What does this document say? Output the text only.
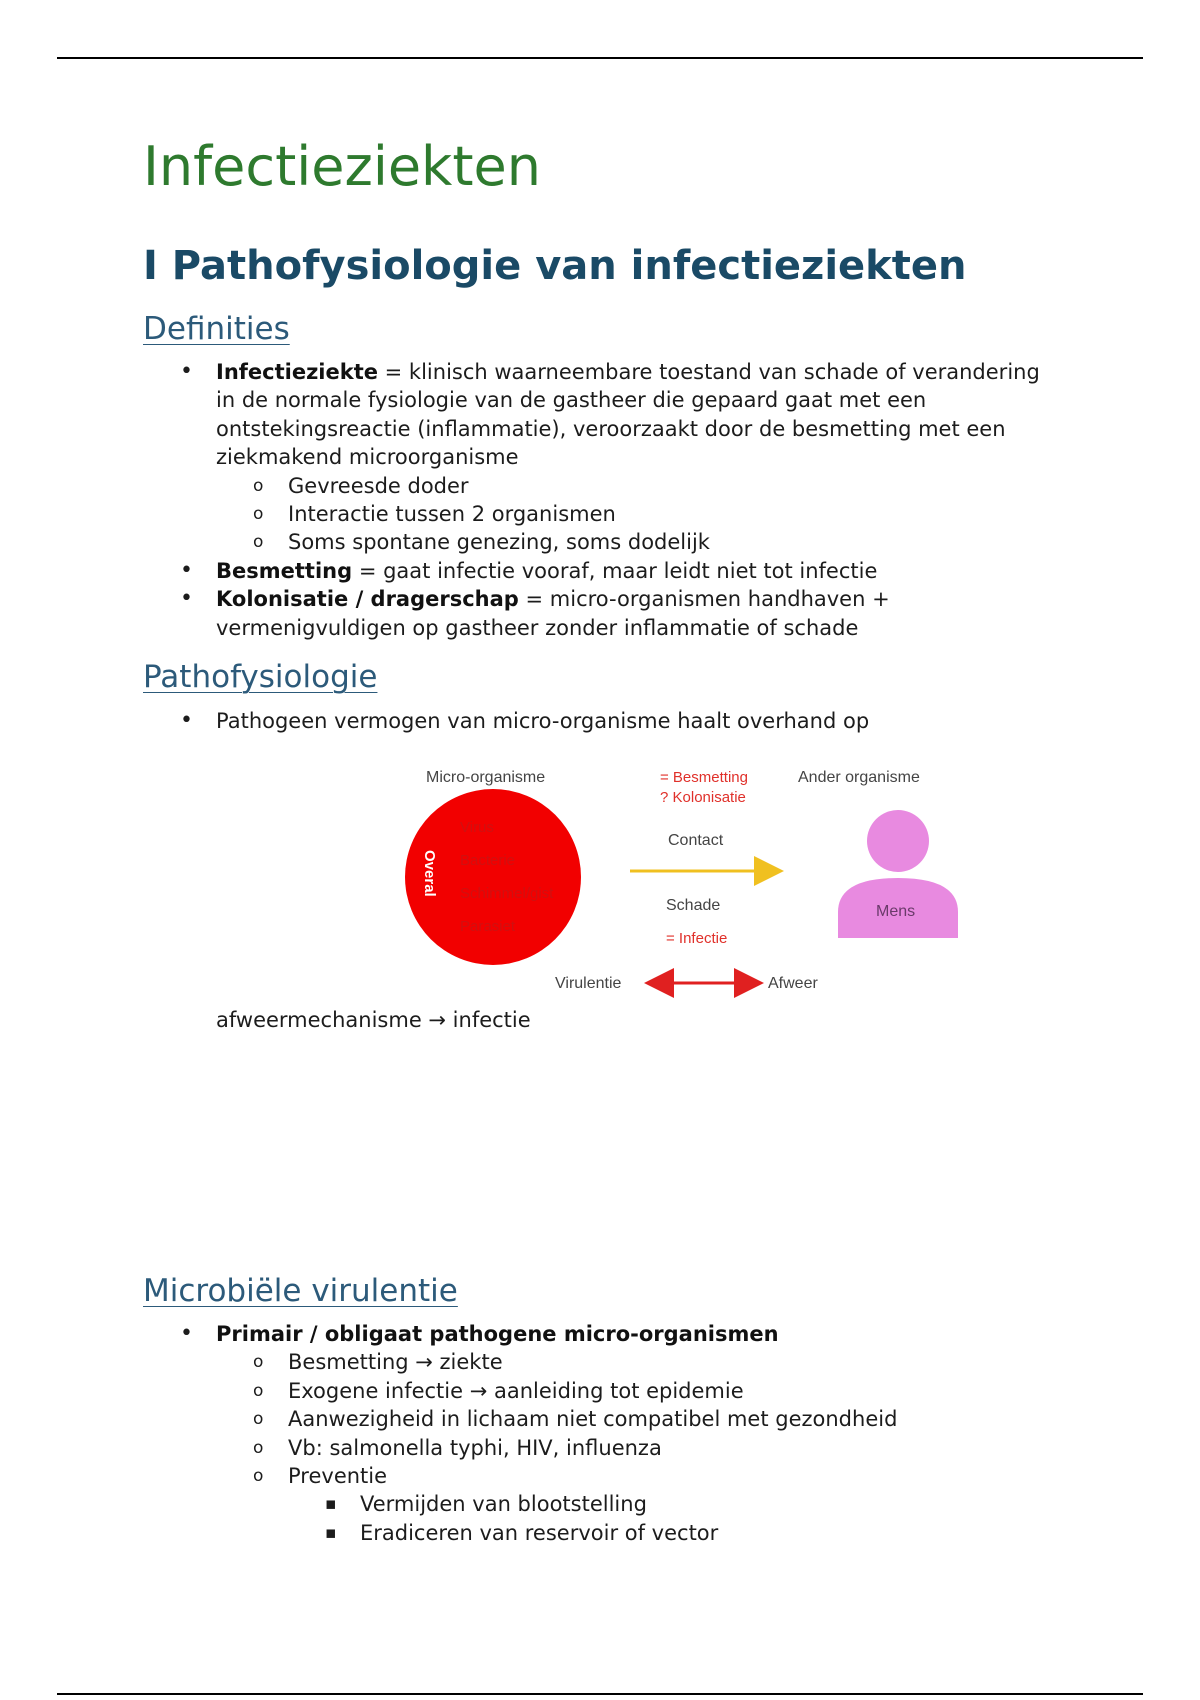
Infectieziekten
I Pathofysiologie van infectieziekten
Definities
• Infectieziekte = klinisch waarneembare toestand van schade of verandering in de normale fysiologie van de gastheer die gepaard gaat met een ontstekingsreactie (inflammatie), veroorzaakt door de besmetting met een ziekmakend microorganisme
o Gevreesde doder
o Interactie tussen 2 organismen
o Soms spontane genezing, soms dodelijk
• Besmetting = gaat infectie vooraf, maar leidt niet tot infectie
• Kolonisatie / dragerschap = micro-organismen handhaven + vermenigvuldigen op gastheer zonder inflammatie of schade
Pathofysiologie
• Pathogeen vermogen van micro-organisme haalt overhand op
afweermechanisme → infectie
Microbiële virulentie
• Primair / obligaat pathogene micro-organismen
o Besmetting → ziekte
o Exogene infectie → aanleiding tot epidemie
o Aanwezigheid in lichaam niet compatibel met gezondheid
o Vb: salmonella typhi, HIV, influenza
o Preventie
▪ Vermijden van blootstelling
▪ Eradiceren van reservoir of vector
Micro-organisme
Overal
Virus
Bacterie
Schimmel/gist
Parasiet
= Besmetting
? Kolonisatie
Ander organisme
Contact
Schade
= Infectie
Mens
Virulentie	Afweer
